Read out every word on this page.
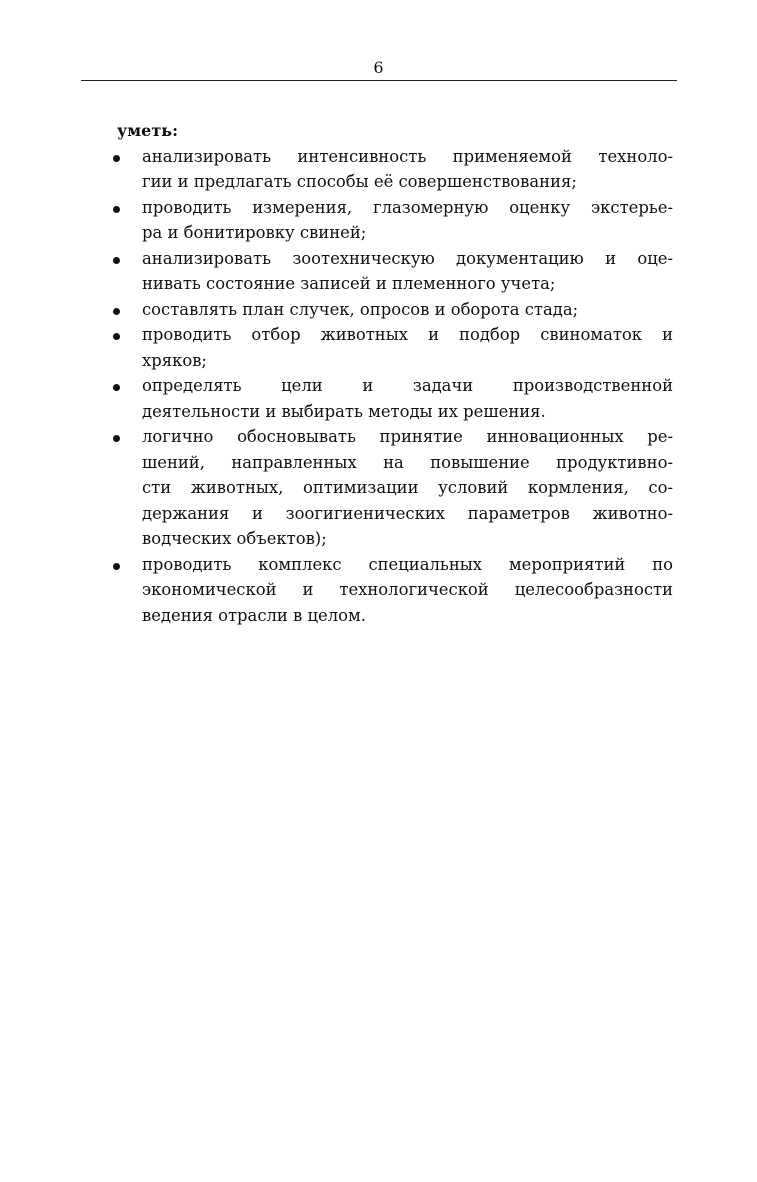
6

уметь:

анализировать интенсивность применяемой техноло-
гии и предлагать способы её совершенствования;
проводить измерения, глазомерную оценку экстерье-
ра и бонитировку свиней;
анализировать зоотехническую документацию и оце-
нивать состояние записей и племенного учета;
составлять план случек, опросов и оборота стада;
проводить отбор животных и подбор свиноматок и
хряков;
определять цели и задачи производственной
деятельности и выбирать методы их решения.
логично обосновывать принятие инновационных ре-
шений, направленных на повышение продуктивно-
сти животных, оптимизации условий кормления, со-
держания и зоогигиенических параметров животно-
водческих объектов);
проводить комплекс специальных мероприятий по
экономической и технологической целесообразности
ведения отрасли в целом.
